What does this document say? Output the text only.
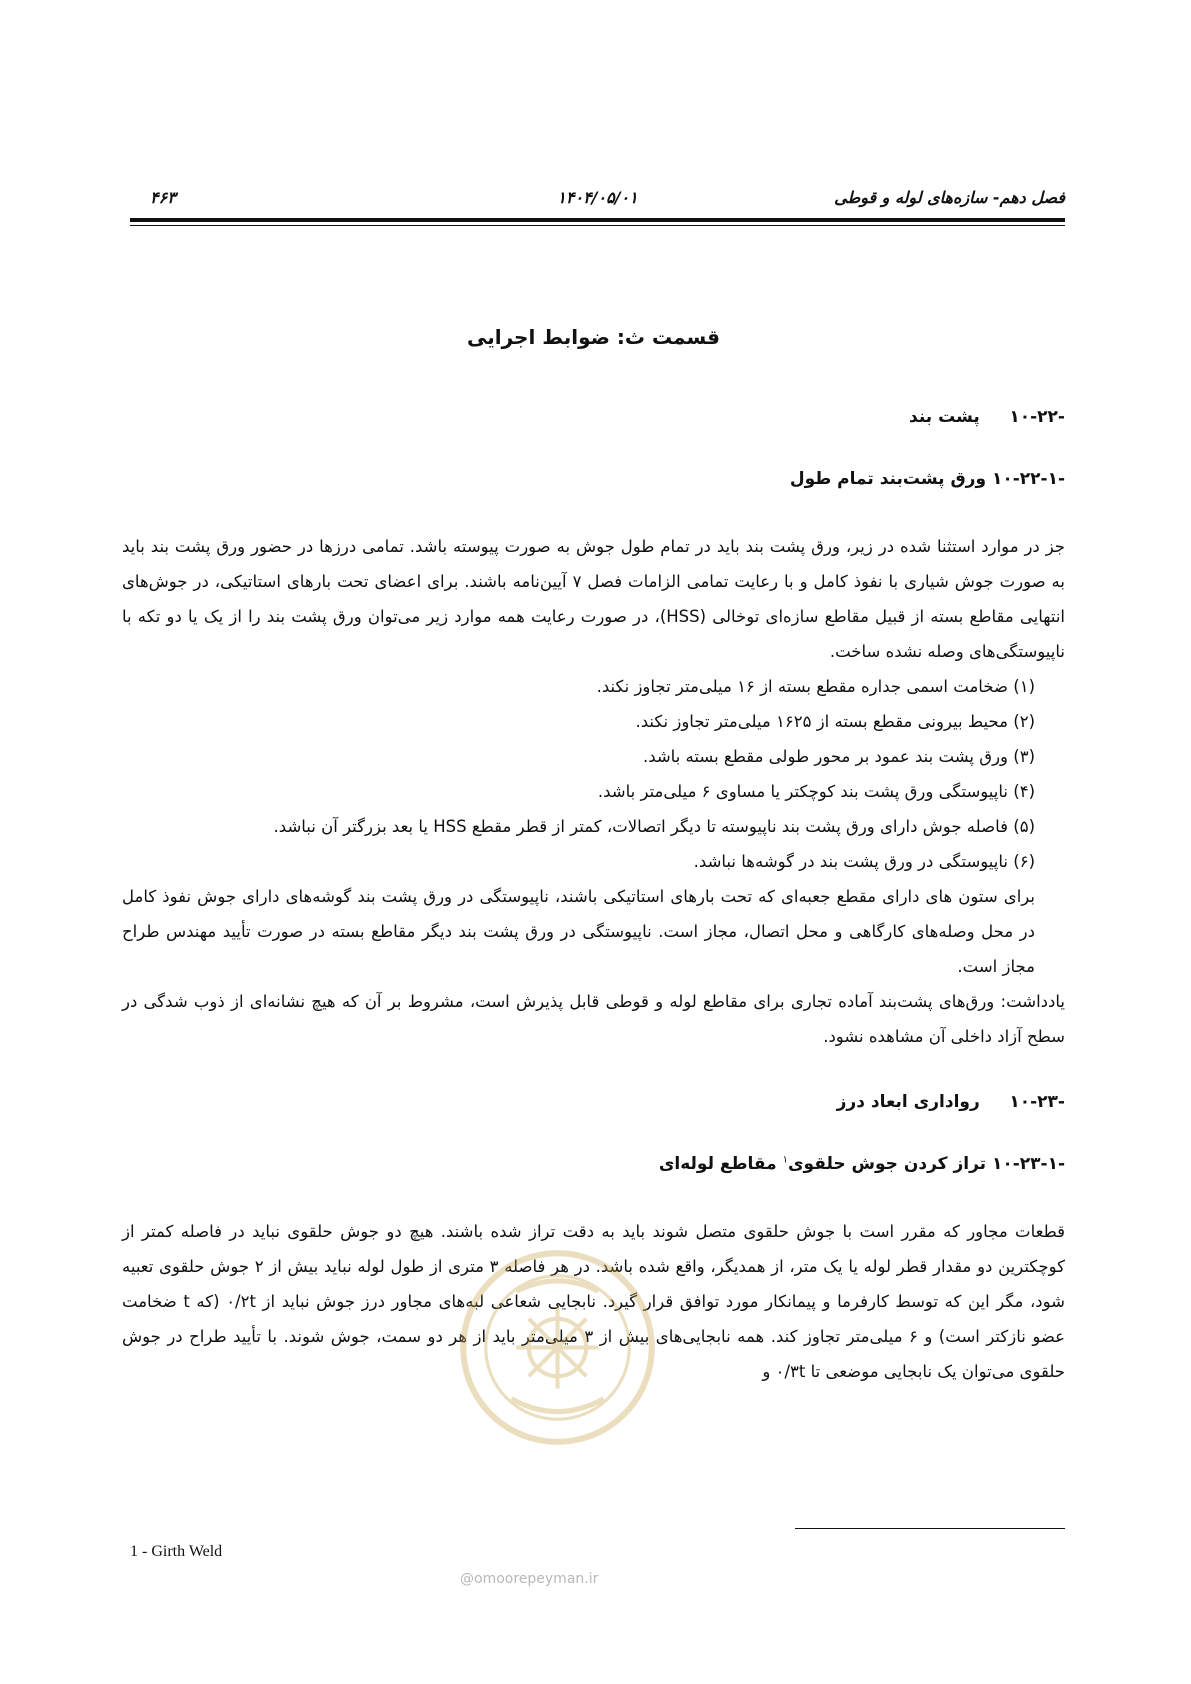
فصل دهم- سازه‌های لوله و قوطی
۱۴۰۴/۰۵/۰۱
۴۶۳
قسمت ث: ضوابط اجرایی
۱۰-۲۲-     پشت بند
۱۰-۲۲-۱- ورق پشت‌بند تمام طول

جز در موارد استثنا شده در زیر، ورق پشت بند باید در تمام طول جوش به صورت پیوسته باشد. تمامی درزها در حضور ورق پشت بند باید به صورت جوش شیاری با نفوذ کامل و با رعایت تمامی الزامات فصل ۷ آیین‌نامه باشند. برای اعضای تحت بارهای استاتیکی، در جوش‌های انتهایی مقاطع بسته از قبیل مقاطع سازه‌ای توخالی (HSS)، در صورت رعایت همه موارد زیر می‌توان ورق پشت بند را از یک یا دو تکه با ناپیوستگی‌های وصله نشده ساخت.

(۱) ضخامت اسمی جداره مقطع بسته از ۱۶ میلی‌متر تجاوز نکند.
(۲) محیط بیرونی مقطع بسته از ۱۶۲۵ میلی‌متر تجاوز نکند.
(۳) ورق پشت بند عمود بر محور طولی مقطع بسته باشد.
(۴) ناپیوستگی ورق پشت بند کوچکتر یا مساوی ۶ میلی‌متر باشد.
(۵) فاصله جوش دارای ورق پشت بند ناپیوسته تا دیگر اتصالات، کمتر از قطر مقطع HSS یا بعد بزرگتر آن نباشد.
(۶) ناپیوستگی در ورق پشت بند در گوشه‌ها نباشد.

برای ستون های دارای مقطع جعبه‌ای که تحت بارهای استاتیکی باشند، ناپیوستگی در ورق پشت بند گوشه‌های دارای جوش نفوذ کامل در محل وصله‌های کارگاهی و محل اتصال، مجاز است. ناپیوستگی در ورق پشت بند دیگر مقاطع بسته در صورت تأیید مهندس طراح مجاز است.

یادداشت: ورق‌های پشت‌بند آماده تجاری برای مقاطع لوله و قوطی قابل پذیرش است، مشروط بر آن که هیچ نشانه‌ای از ذوب شدگی در سطح آزاد داخلی آن مشاهده نشود.

۱۰-۲۳-     رواداری ابعاد درز
۱۰-۲۳-۱- تراز کردن جوش حلقوی$^۱$ مقاطع لوله‌ای

قطعات مجاور که مقرر است با جوش حلقوی متصل شوند باید به دقت تراز شده باشند. هیچ دو جوش حلقوی نباید در فاصله کمتر از کوچکترین دو مقدار قطر لوله یا یک متر، از همدیگر، واقع شده باشد. در هر فاصله ۳ متری از طول لوله نباید بیش از ۲ جوش حلقوی تعبیه شود، مگر این که توسط کارفرما و پیمانکار مورد توافق قرار گیرد. نابجایی شعاعی لبه‌های مجاور درز جوش نباید از ۰/۲t (که t ضخامت عضو نازکتر است) و ۶ میلی‌متر تجاوز کند. همه نابجایی‌های بیش از ۳ میلی‌متر باید از هر دو سمت، جوش شوند. با تأیید طراح در جوش حلقوی می‌توان یک نابجایی موضعی تا ۰/۳t و

@omoorepeyman.ir
1 - Girth Weld
